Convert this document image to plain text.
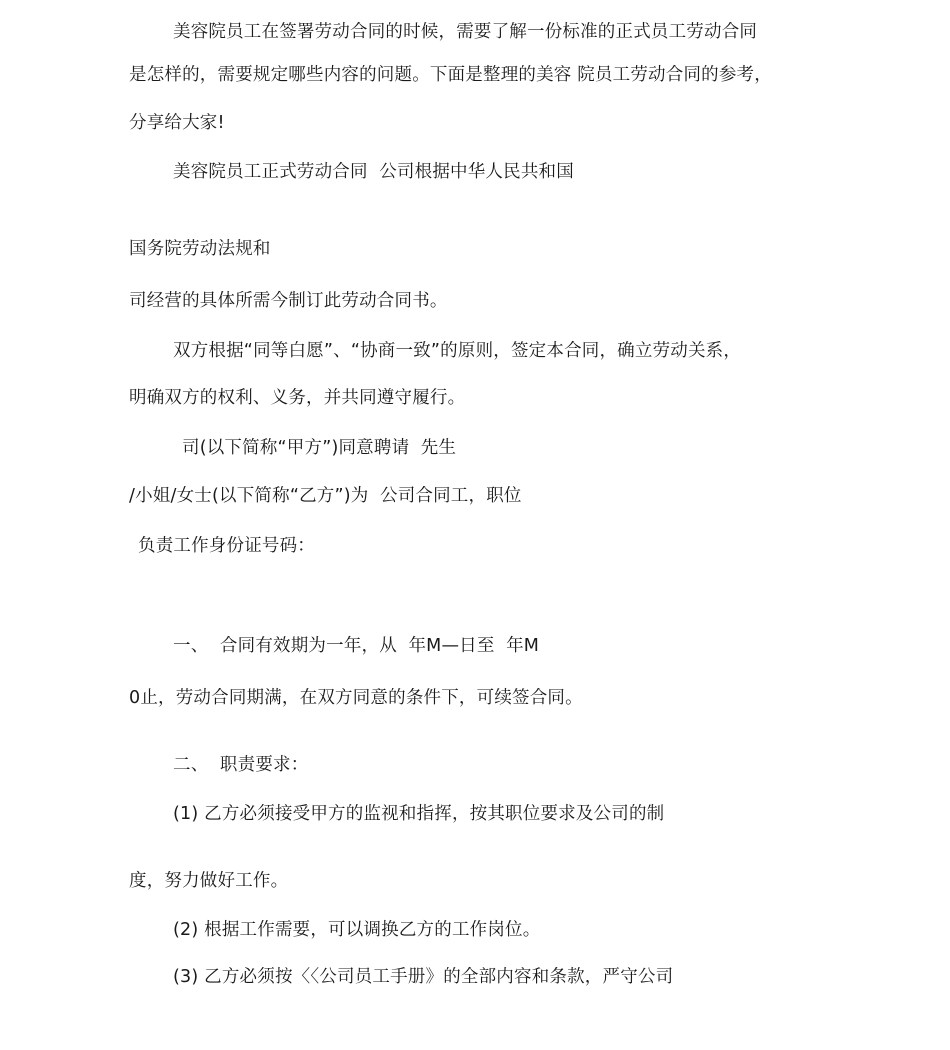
美容院员工在签署劳动合同的时候，需要了解一份标准的正式员工劳动合同
是怎样的，需要规定哪些内容的问题。下面是整理的美容 院员工劳动合同的参考，
分享给大家!
美容院员工正式劳动合同  公司根据中华人民共和国
国务院劳动法规和
司经营的具体所需今制订此劳动合同书。
双方根据“同等白愿”、“协商一致”的原则，签定本合同，确立劳动关系，
明确双方的权利、义务，并共同遵守履行。
司(以下简称“甲方”)同意聘请  先生
/小姐/女士(以下简称“乙方”)为  公司合同工，职位
负责工作身份证号码：
一、  合同有效期为一年，从  年M—日至  年M
0止，劳动合同期满，在双方同意的条件下，可续签合同。
二、  职责要求：
(1) 乙方必须接受甲方的监视和指挥，按其职位要求及公司的制
度，努力做好工作。
(2) 根据工作需要，可以调换乙方的工作岗位。
(3) 乙方必须按〈〈公司员工手册》的全部内容和条款，严守公司
